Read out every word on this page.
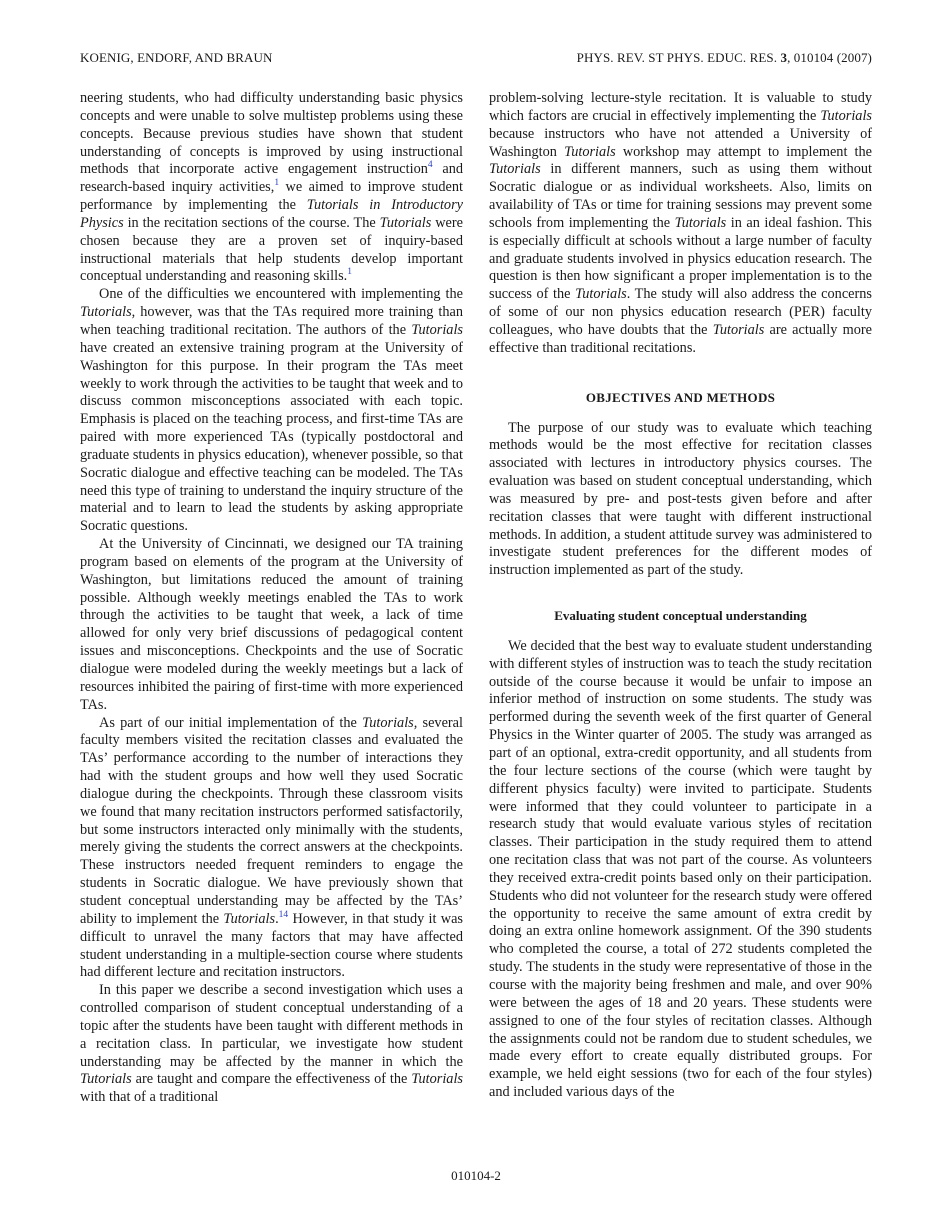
KOENIG, ENDORF, AND BRAUN	PHYS. REV. ST PHYS. EDUC. RES. 3, 010104 (2007)

neering students, who had difficulty understanding basic physics concepts and were unable to solve multistep problems using these concepts. Because previous studies have shown that student understanding of concepts is improved by using instructional methods that incorporate active engagement instruction$^4$ and research-based inquiry activities,$^1$ we aimed to improve student performance by implementing the Tutorials in Introductory Physics in the recitation sections of the course. The Tutorials were chosen because they are a proven set of inquiry-based instructional materials that help students develop important conceptual understanding and reasoning skills.$^1$

One of the difficulties we encountered with implementing the Tutorials, however, was that the TAs required more training than when teaching traditional recitation. The authors of the Tutorials have created an extensive training program at the University of Washington for this purpose. In their program the TAs meet weekly to work through the activities to be taught that week and to discuss common misconceptions associated with each topic. Emphasis is placed on the teaching process, and first-time TAs are paired with more experienced TAs (typically postdoctoral and graduate students in physics education), whenever possible, so that Socratic dialogue and effective teaching can be modeled. The TAs need this type of training to understand the inquiry structure of the material and to learn to lead the students by asking appropriate Socratic questions.

At the University of Cincinnati, we designed our TA training program based on elements of the program at the University of Washington, but limitations reduced the amount of training possible. Although weekly meetings enabled the TAs to work through the activities to be taught that week, a lack of time allowed for only very brief discussions of pedagogical content issues and misconceptions. Checkpoints and the use of Socratic dialogue were modeled during the weekly meetings but a lack of resources inhibited the pairing of first-time with more experienced TAs.

As part of our initial implementation of the Tutorials, several faculty members visited the recitation classes and evaluated the TAs’ performance according to the number of interactions they had with the student groups and how well they used Socratic dialogue during the checkpoints. Through these classroom visits we found that many recitation instructors performed satisfactorily, but some instructors interacted only minimally with the students, merely giving the students the correct answers at the checkpoints. These instructors needed frequent reminders to engage the students in Socratic dialogue. We have previously shown that student conceptual understanding may be affected by the TAs’ ability to implement the Tutorials.$^{14}$ However, in that study it was difficult to unravel the many factors that may have affected student understanding in a multiple-section course where students had different lecture and recitation instructors.

In this paper we describe a second investigation which uses a controlled comparison of student conceptual understanding of a topic after the students have been taught with different methods in a recitation class. In particular, we investigate how student understanding may be affected by the manner in which the Tutorials are taught and compare the effectiveness of the Tutorials with that of a traditional

problem-solving lecture-style recitation. It is valuable to study which factors are crucial in effectively implementing the Tutorials because instructors who have not attended a University of Washington Tutorials workshop may attempt to implement the Tutorials in different manners, such as using them without Socratic dialogue or as individual worksheets. Also, limits on availability of TAs or time for training sessions may prevent some schools from implementing the Tutorials in an ideal fashion. This is especially difficult at schools without a large number of faculty and graduate students involved in physics education research. The question is then how significant a proper implementation is to the success of the Tutorials. The study will also address the concerns of some of our non physics education research (PER) faculty colleagues, who have doubts that the Tutorials are actually more effective than traditional recitations.

OBJECTIVES AND METHODS

The purpose of our study was to evaluate which teaching methods would be the most effective for recitation classes associated with lectures in introductory physics courses. The evaluation was based on student conceptual understanding, which was measured by pre- and post-tests given before and after recitation classes that were taught with different instructional methods. In addition, a student attitude survey was administered to investigate student preferences for the different modes of instruction implemented as part of the study.

Evaluating student conceptual understanding

We decided that the best way to evaluate student understanding with different styles of instruction was to teach the study recitation outside of the course because it would be unfair to impose an inferior method of instruction on some students. The study was performed during the seventh week of the first quarter of General Physics in the Winter quarter of 2005. The study was arranged as part of an optional, extra-credit opportunity, and all students from the four lecture sections of the course (which were taught by different physics faculty) were invited to participate. Students were informed that they could volunteer to participate in a research study that would evaluate various styles of recitation classes. Their participation in the study required them to attend one recitation class that was not part of the course. As volunteers they received extra-credit points based only on their participation. Students who did not volunteer for the research study were offered the opportunity to receive the same amount of extra credit by doing an extra online homework assignment. Of the 390 students who completed the course, a total of 272 students completed the study. The students in the study were representative of those in the course with the majority being freshmen and male, and over 90% were between the ages of 18 and 20 years. These students were assigned to one of the four styles of recitation classes. Although the assignments could not be random due to student schedules, we made every effort to create equally distributed groups. For example, we held eight sessions (two for each of the four styles) and included various days of the

010104-2
